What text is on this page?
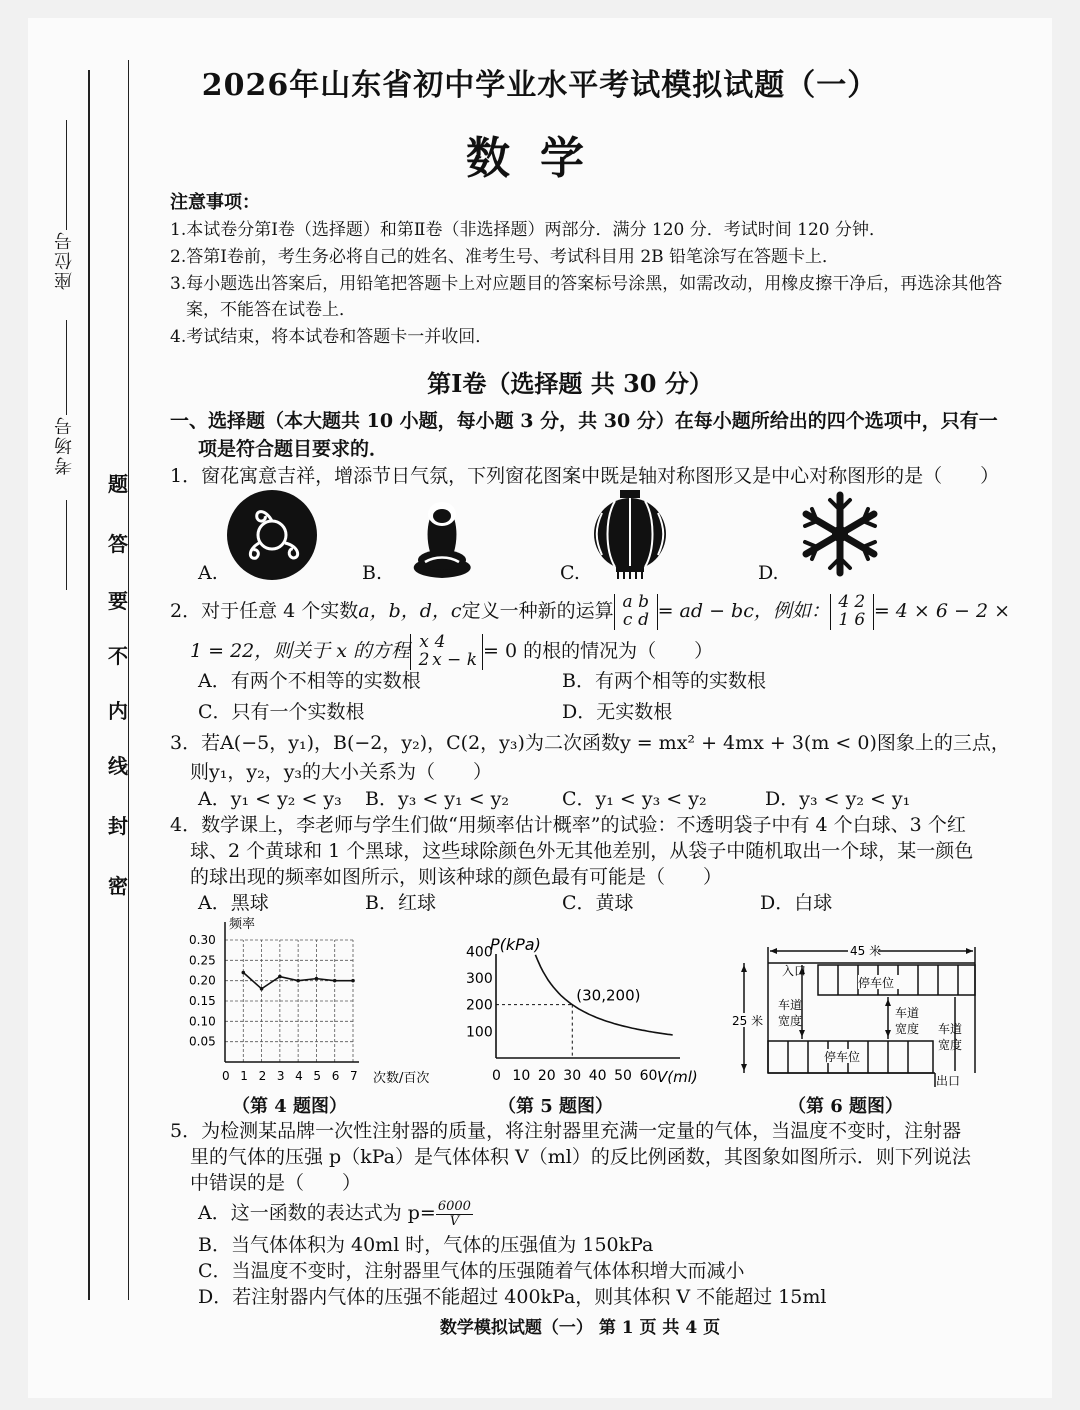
座位号
考场号
密
封
线
内
不
要
答
题
2026年山东省初中学业水平考试模拟试题（一）
数学
注意事项：
1.本试卷分第Ⅰ卷（选择题）和第Ⅱ卷（非选择题）两部分．满分 120 分．考试时间 120 分钟．
2.答第Ⅰ卷前，考生务必将自己的姓名、准考生号、考试科目用 2B 铅笔涂写在答题卡上．
3.每小题选出答案后，用铅笔把答题卡上对应题目的答案标号涂黑，如需改动，用橡皮擦干净后，再选涂其他答
案，不能答在试卷上．
4.考试结束，将本试卷和答题卡一并收回．
第Ⅰ卷（选择题 共 30 分）
一、选择题（本大题共 10 小题，每小题 3 分，共 30 分）在每小题所给出的四个选项中，只有一
项是符合题目要求的．
1．窗花寓意吉祥，增添节日气氛，下列窗花图案中既是轴对称图形又是中心对称图形的是（　　）
A.	B.	C.	D.
2．对于任意 4 个实数a，b，d，c定义一种新的运算 a b
c d = ad − bc，例如： 4 2
1 6 = 4 × 6 − 2 ×
1 = 22，则关于 x 的方程 x 4
2 x − k = 0 的根的情况为（　　）
A．有两个不相等的实数根	B．有两个相等的实数根
C．只有一个实数根	D．无实数根
3．若A(−5，y₁)，B(−2，y₂)，C(2，y₃)为二次函数y = mx² + 4mx + 3(m < 0)图象上的三点，
则y₁，y₂，y₃的大小关系为（　　）
A．y₁ < y₂ < y₃ B．y₃ < y₁ < y₂	C．y₁ < y₃ < y₂	D．y₃ < y₂ < y₁
4．数学课上，李老师与学生们做“用频率估计概率”的试验：不透明袋子中有 4 个白球、3 个红
球、2 个黄球和 1 个黑球，这些球除颜色外无其他差别，从袋子中随机取出一个球，某一颜色
的球出现的频率如图所示，则该种球的颜色最有可能是（　　）
A．黑球	B．红球	C．黄球	D．白球
频率
次数/百次
0.30
0.25
0.20
0.15
0.10
0.05
0 1 2 3 4 5 6 7
（第 4 题图）
P(kPa)
V(ml)
400
300
200
100
0 10 20 30 40 50 60
(30,200)
（第 5 题图）
45 米
25 米
入口
出口
停车位
停车位
车道
宽度
车道
宽度 车道
宽度
（第 6 题图）
5．为检测某品牌一次性注射器的质量，将注射器里充满一定量的气体，当温度不变时，注射器
里的气体的压强 p（kPa）是气体体积 V（ml）的反比例函数，其图象如图所示．则下列说法
中错误的是（　　）
A．这一函数的表达式为 $p= \frac{6000}{V}$
B．当气体体积为 40ml 时，气体的压强值为 150kPa
C．当温度不变时，注射器里气体的压强随着气体体积增大而减小
D．若注射器内气体的压强不能超过 400kPa，则其体积 V 不能超过 15ml
数学模拟试题（一） 第 1 页 共 4 页
